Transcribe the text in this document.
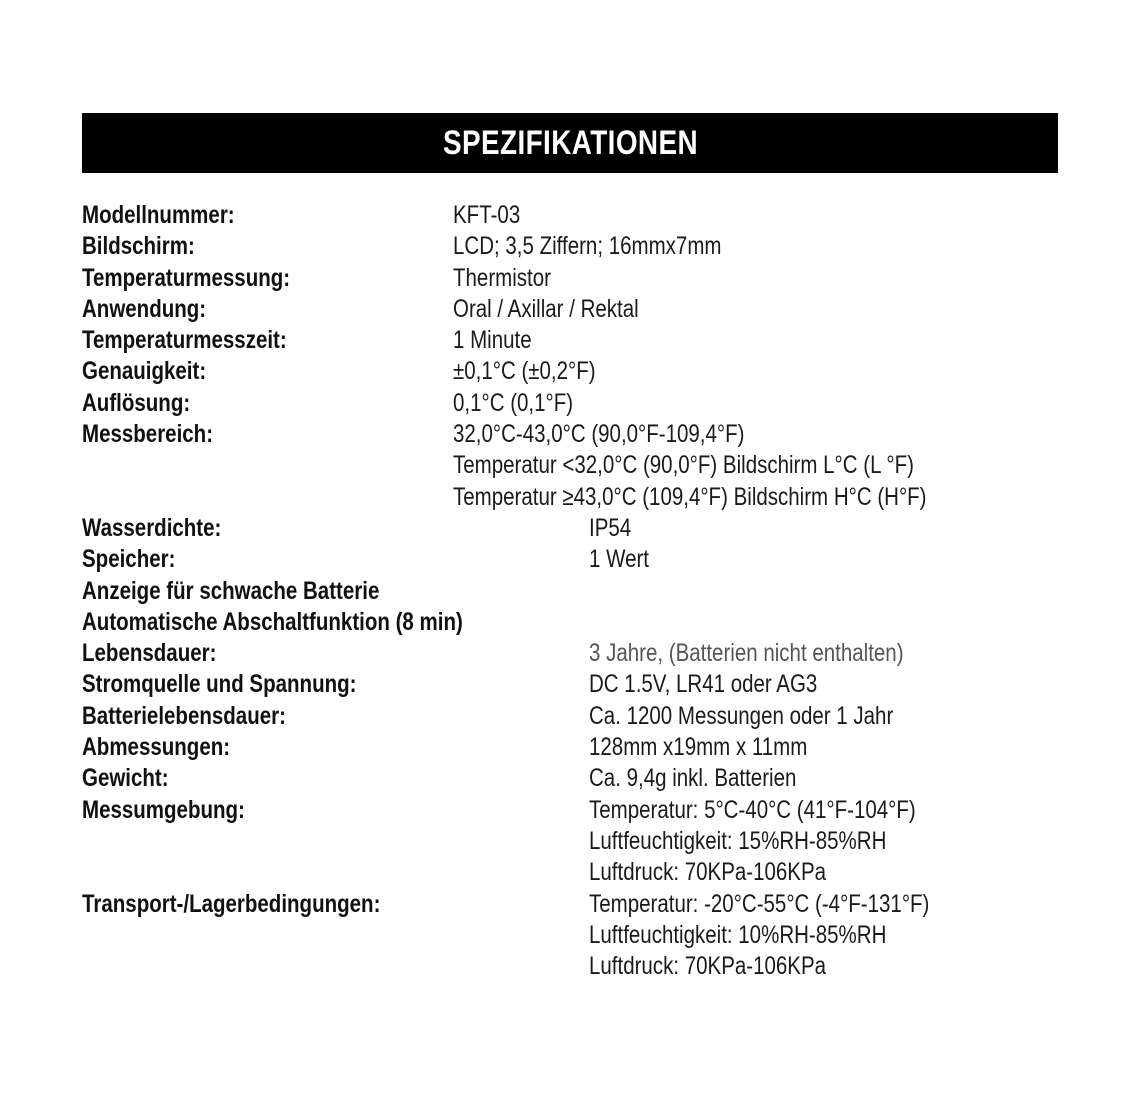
SPEZIFIKATIONEN
Modellnummer:	KFT-03
Bildschirm:	LCD; 3,5 Ziffern; 16mmx7mm
Temperaturmessung:	Thermistor
Anwendung:	Oral / Axillar / Rektal
Temperaturmesszeit:	1 Minute
Genauigkeit:	±0,1°C (±0,2°F)
Auflösung:	0,1°C (0,1°F)
Messbereich:	32,0°C-43,0°C (90,0°F-109,4°F)
Temperatur <32,0°C (90,0°F) Bildschirm L°C (L °F)
Temperatur ≥43,0°C (109,4°F) Bildschirm H°C (H°F)
Wasserdichte:	IP54
Speicher:	1 Wert
Anzeige für schwache Batterie
Automatische Abschaltfunktion (8 min)
Lebensdauer:	3 Jahre, (Batterien nicht enthalten)
Stromquelle und Spannung:	DC 1.5V, LR41 oder AG3
Batterielebensdauer:	Ca. 1200 Messungen oder 1 Jahr
Abmessungen:	128mm x19mm x 11mm
Gewicht:	Ca. 9,4g inkl. Batterien
Messumgebung:	Temperatur: 5°C-40°C (41°F-104°F)
Luftfeuchtigkeit: 15%RH-85%RH
Luftdruck: 70KPa-106KPa
Transport-/Lagerbedingungen:	Temperatur: -20°C-55°C (-4°F-131°F)
Luftfeuchtigkeit: 10%RH-85%RH
Luftdruck: 70KPa-106KPa
